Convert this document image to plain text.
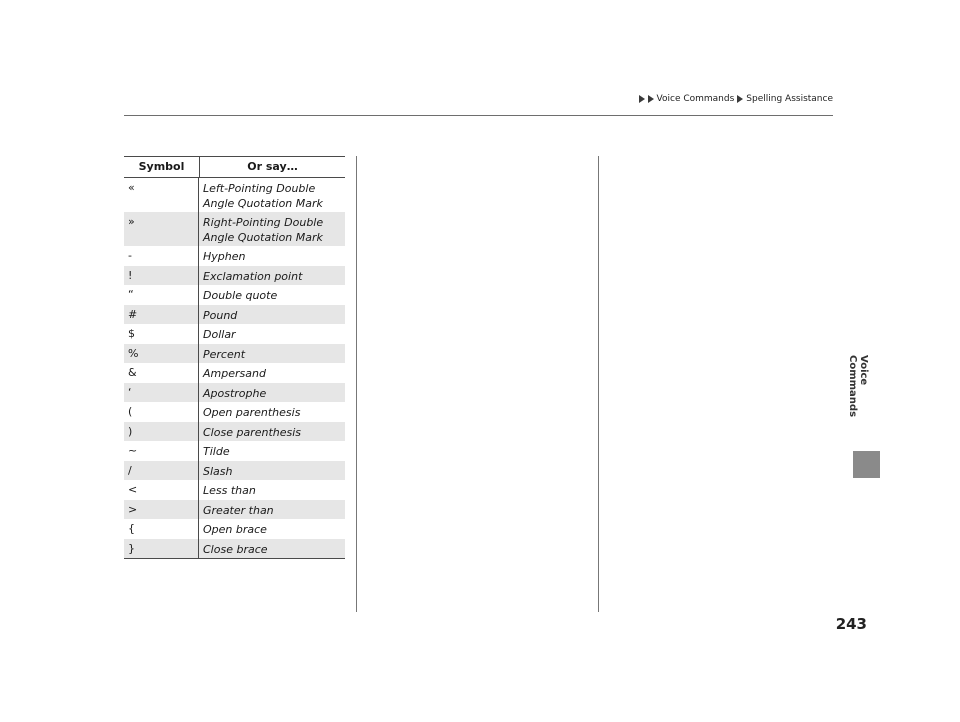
Voice Commands Spelling Assistance
Symbol	Or say…
«	Left-Pointing Double Angle Quotation Mark
»	Right-Pointing Double Angle Quotation Mark
-	Hyphen
!	Exclamation point
“	Double quote
#	Pound
$	Dollar
%	Percent
&	Ampersand
‘	Apostrophe
(	Open parenthesis
)	Close parenthesis
~	Tilde
/	Slash
<	Less than
>	Greater than
{	Open brace
}	Close brace
Voice Commands
243
